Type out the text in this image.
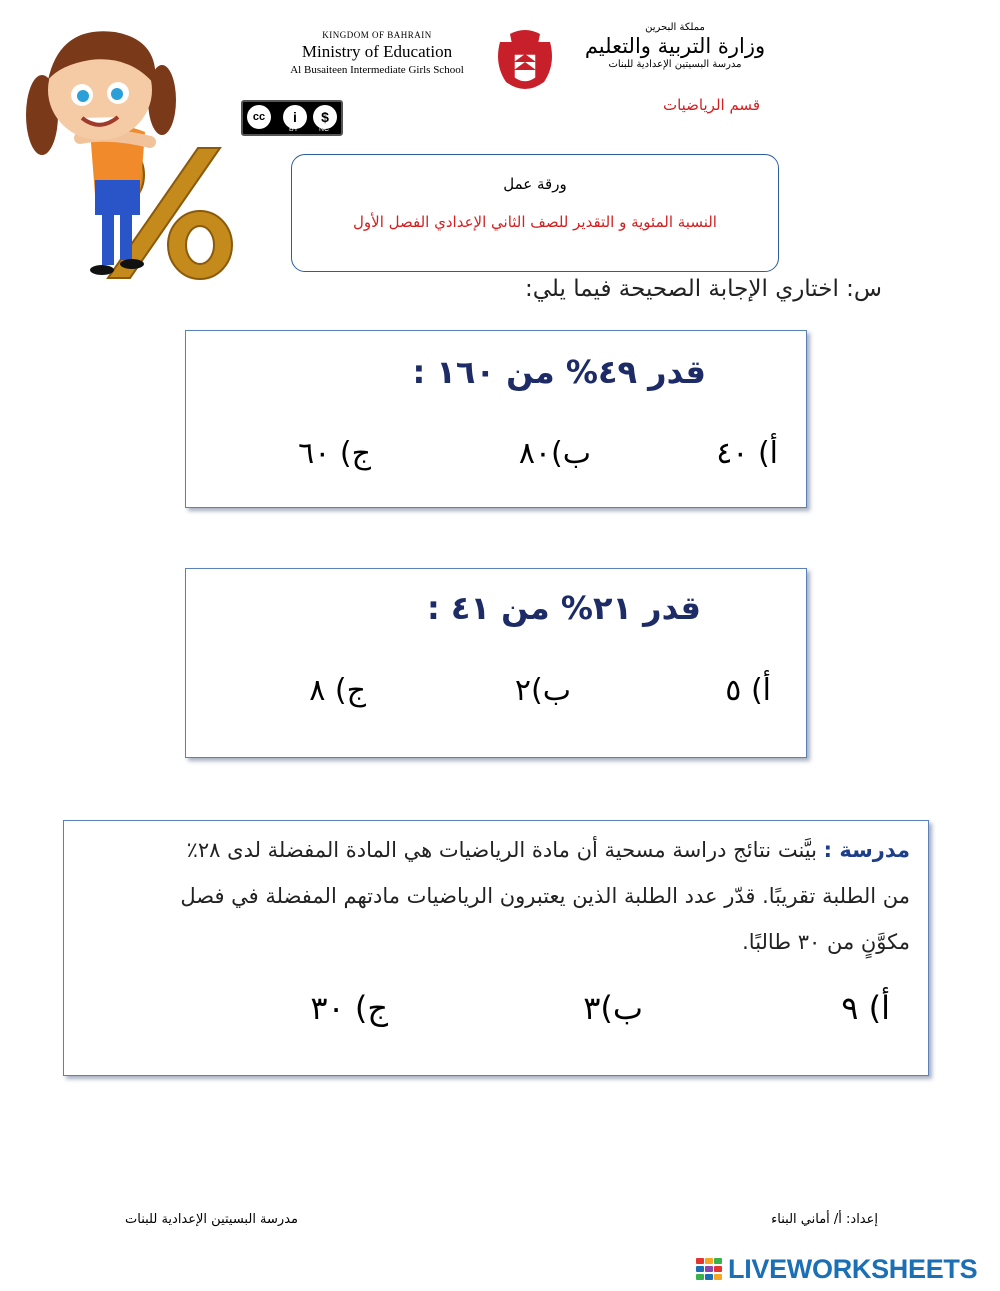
KINGDOM OF BAHRAIN
Ministry of Education
Al Busaiteen Intermediate Girls School
مملكة البحرين
وزارة التربية والتعليم
مدرسة البسيتين الإعدادية للبنات
قسم الرياضيات
cc	i	$
BY	NC
ورقة عمل
النسبة المئوية و التقدير للصف الثاني الإعدادي الفصل الأول
س: اختاري الإجابة الصحيحة فيما يلي:
قدر ٤٩% من ١٦٠ :
أ) ٤٠
ب)٨٠
ج) ٦٠
قدر ٢١% من ٤١ :
أ) ٥
ب)٢
ج) ٨
مدرسة : بيَّنت نتائج دراسة مسحية أن مادة الرياضيات هي المادة المفضلة لدى ٢٨٪
من الطلبة تقريبًا. قدّر عدد الطلبة الذين يعتبرون الرياضيات مادتهم المفضلة في فصل
مكوَّنٍ من ٣٠ طالبًا.
أ) ٩
ب)٣
ج) ٣٠
إعداد: أ/ أماني البناء
مدرسة البسيتين الإعدادية للبنات
LIVEWORKSHEETS
